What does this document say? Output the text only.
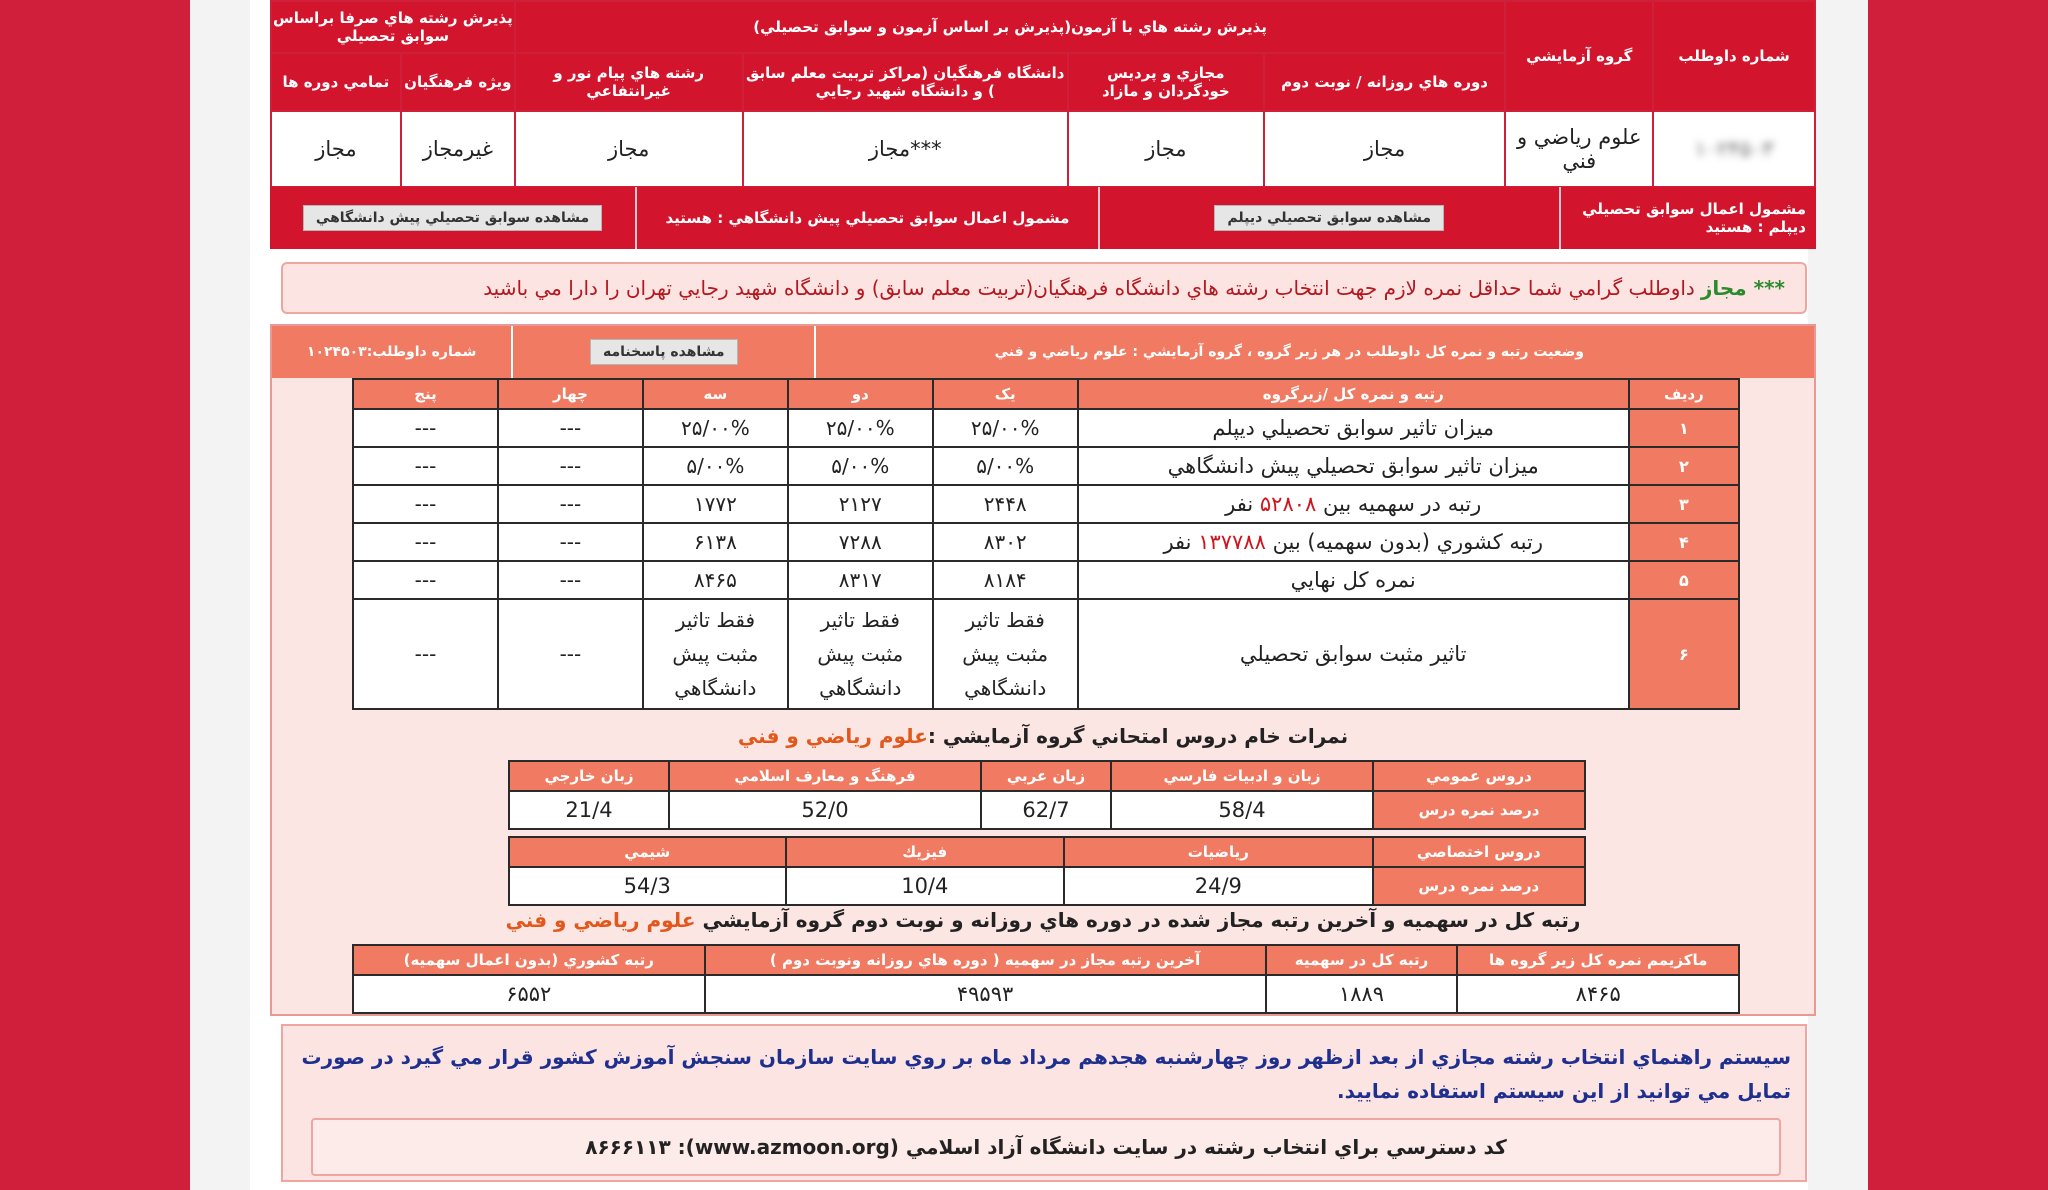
شماره داوطلب	گروه آزمايشي	پذيرش رشته هاي با آزمون(پذيرش بر اساس آزمون و سوابق تحصيلي)				پذيرش رشته هاي صرفا براساس سوابق تحصيلي	
		دوره هاي روزانه / نوبت دوم	مجازي و پرديس خودگردان و مازاد	دانشگاه فرهنگيان (مراكز تربيت معلم سابق ) و دانشگاه شهيد رجايي	رشته هاي پيام نور و غيرانتفاعي	ويژه فرهنگيان	تمامي دوره ها
۱۰۲۴۵۰۳	علوم رياضي و فني	مجاز	مجاز	***مجاز	مجاز	غيرمجاز	مجاز
مشمول اعمال سوابق تحصيلي ديپلم : هستيد
مشاهده سوابق تحصيلي ديپلم
مشمول اعمال سوابق تحصيلي پيش دانشگاهي : هستيد
مشاهده سوابق تحصيلي پيش دانشگاهي
*** مجاز
داوطلب گرامي شما حداقل نمره لازم جهت انتخاب رشته هاي دانشگاه فرهنگيان(تربيت معلم سابق) و دانشگاه شهيد رجايي تهران را دارا مي باشيد
وضعيت رتبه و نمره كل داوطلب در هر زير گروه ، گروه آزمايشي :

علوم رياضي و فني
مشاهده پاسخنامه
شماره داوطلب:۱۰۲۴۵۰۳
رديف	رتبه و نمره كل /زيرگروه	يک	دو	سه	چهار	پنج
۱	ميزان تاثير سوابق تحصيلي ديپلم	۲۵/۰۰%	۲۵/۰۰%	۲۵/۰۰%	---	---
۲	ميزان تاثير سوابق تحصيلي پيش دانشگاهي	۵/۰۰%	۵/۰۰%	۵/۰۰%	---	---
۳	رتبه در سهميه بين ۵۲۸۰۸ نفر	۲۴۴۸	۲۱۲۷	۱۷۷۲	---	---
۴	رتبه كشوري (بدون سهميه) بين ۱۳۷۷۸۸ نفر	۸۳۰۲	۷۲۸۸	۶۱۳۸	---	---
۵	نمره كل نهايي	۸۱۸۴	۸۳۱۷	۸۴۶۵	---	---
۶	تاثير مثبت سوابق تحصيلي	فقط تاثير مثبت پيش دانشگاهي	فقط تاثير مثبت پيش دانشگاهي	فقط تاثير مثبت پيش دانشگاهي	---	---
نمرات خام دروس امتحاني گروه آزمايشي :علوم رياضي و فني
دروس عمومي	زبان و ادبيات فارسي	زبان عربي	فرهنگ و معارف اسلامي	زبان خارجي
درصد نمره درس	58/4	62/7	52/0	21/4
دروس اختصاصي	رياضيات	فيزيك	شيمي
درصد نمره درس	24/9	10/4	54/3
رتبه كل در سهميه و آخرين رتبه مجاز شده در دوره هاي روزانه و نوبت دوم گروه آزمايشي علوم رياضي و فني
ماكزيمم نمره كل زير گروه ها	رتبه كل در سهميه	آخرين رتبه مجاز در سهميه ( دوره هاي روزانه ونوبت دوم )	رتبه كشوري (بدون اعمال سهميه)
۸۴۶۵	۱۸۸۹	۴۹۵۹۳	۶۵۵۲
سيستم راهنماي انتخاب رشته مجازي از بعد ازظهر روز چهارشنبه هجدهم مرداد ماه بر روي سايت سازمان سنجش آموزش كشور قرار مي گيرد در صورت تمايل مي توانيد از اين سيستم استفاده نماييد.
كد دسترسي براي انتخاب رشته در سايت دانشگاه آزاد اسلامي (www.azmoon.org): ۸۶۶۶۱۱۳
